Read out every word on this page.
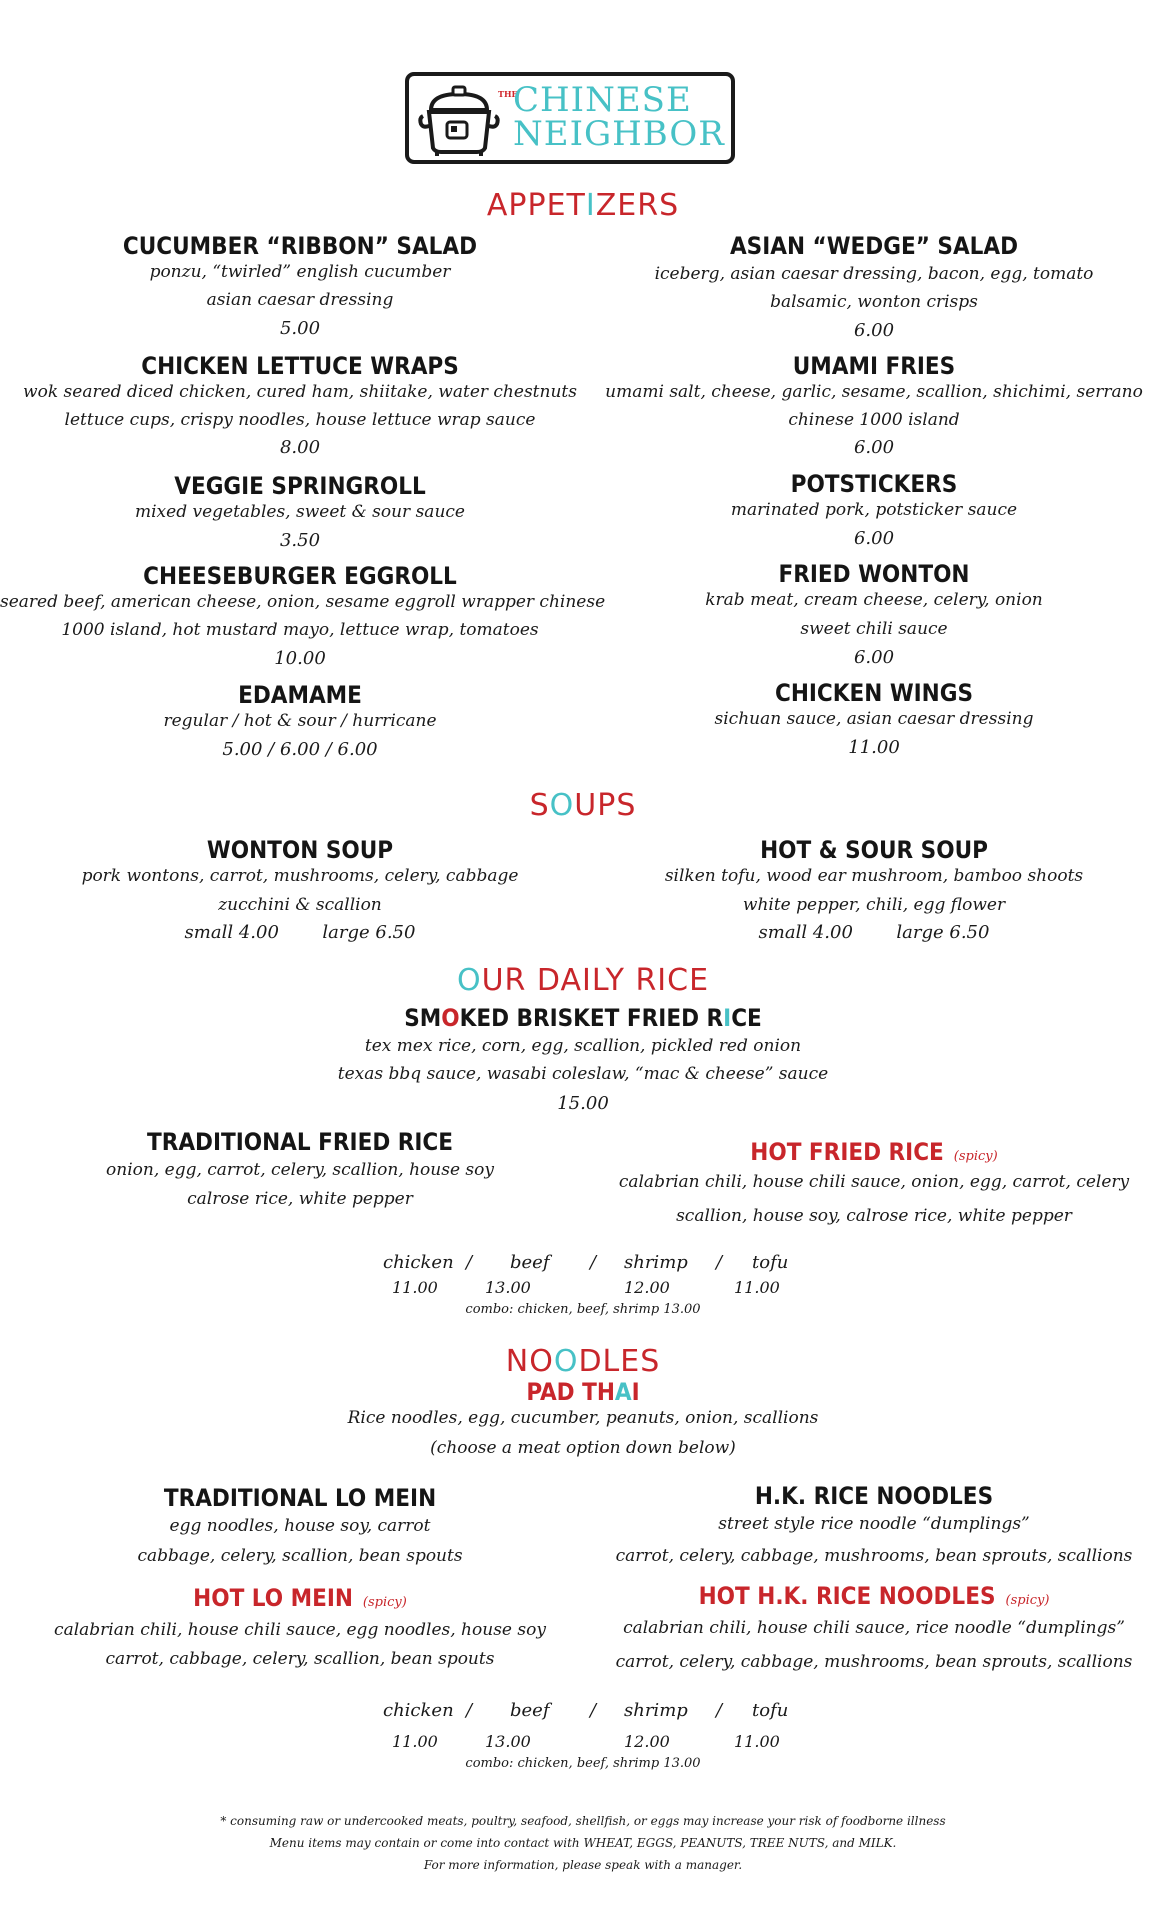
THE
CHINESE
NEIGHBOR
APPETIZERS
CUCUMBER “RIBBON” SALAD
ponzu, “twirled” english cucumber
asian caesar dressing
5.00
CHICKEN LETTUCE WRAPS
wok seared diced chicken, cured ham, shiitake, water chestnuts
lettuce cups, crispy noodles, house lettuce wrap sauce
8.00
VEGGIE SPRINGROLL
mixed vegetables, sweet & sour sauce
3.50
CHEESEBURGER EGGROLL
seared beef, american cheese, onion, sesame eggroll wrapper chinese
1000 island, hot mustard mayo, lettuce wrap, tomatoes
10.00
EDAMAME
regular / hot & sour / hurricane
5.00 / 6.00 / 6.00
ASIAN “WEDGE” SALAD
iceberg, asian caesar dressing, bacon, egg, tomato
balsamic, wonton crisps
6.00
UMAMI FRIES
umami salt, cheese, garlic, sesame, scallion, shichimi, serrano
chinese 1000 island
6.00
POTSTICKERS
marinated pork, potsticker sauce
6.00
FRIED WONTON
krab meat, cream cheese, celery, onion
sweet chili sauce
6.00
CHICKEN WINGS
sichuan sauce, asian caesar dressing
11.00
SOUPS
WONTON SOUP
pork wontons, carrot, mushrooms, celery, cabbage
zucchini & scallion
small 4.00 large 6.50
HOT & SOUR SOUP
silken tofu, wood ear mushroom, bamboo shoots
white pepper, chili, egg flower
small 4.00 large 6.50
OUR DAILY RICE
SMOKED BRISKET FRIED RICE
tex mex rice, corn, egg, scallion, pickled red onion
texas bbq sauce, wasabi coleslaw, “mac & cheese” sauce
15.00
TRADITIONAL FRIED RICE
onion, egg, carrot, celery, scallion, house soy
calrose rice, white pepper
HOT FRIED RICE (spicy)
calabrian chili, house chili sauce, onion, egg, carrot, celery
scallion, house soy, calrose rice, white pepper
chicken / beef / shrimp / tofu
11.00	13.00	12.00	11.00
combo: chicken, beef, shrimp 13.00
NOODLES
PAD THAI
Rice noodles, egg, cucumber, peanuts, onion, scallions
(choose a meat option down below)
TRADITIONAL LO MEIN
egg noodles, house soy, carrot
cabbage, celery, scallion, bean spouts
H.K. RICE NOODLES
street style rice noodle “dumplings”
carrot, celery, cabbage, mushrooms, bean sprouts, scallions
HOT LO MEIN (spicy)
calabrian chili, house chili sauce, egg noodles, house soy
carrot, cabbage, celery, scallion, bean spouts
HOT H.K. RICE NOODLES (spicy)
calabrian chili, house chili sauce, rice noodle “dumplings”
carrot, celery, cabbage, mushrooms, bean sprouts, scallions
chicken / beef / shrimp / tofu
11.00	13.00	12.00	11.00
combo: chicken, beef, shrimp 13.00
* consuming raw or undercooked meats, poultry, seafood, shellfish, or eggs may increase your risk of foodborne illness
Menu items may contain or come into contact with WHEAT, EGGS, PEANUTS, TREE NUTS, and MILK.
For more information, please speak with a manager.
